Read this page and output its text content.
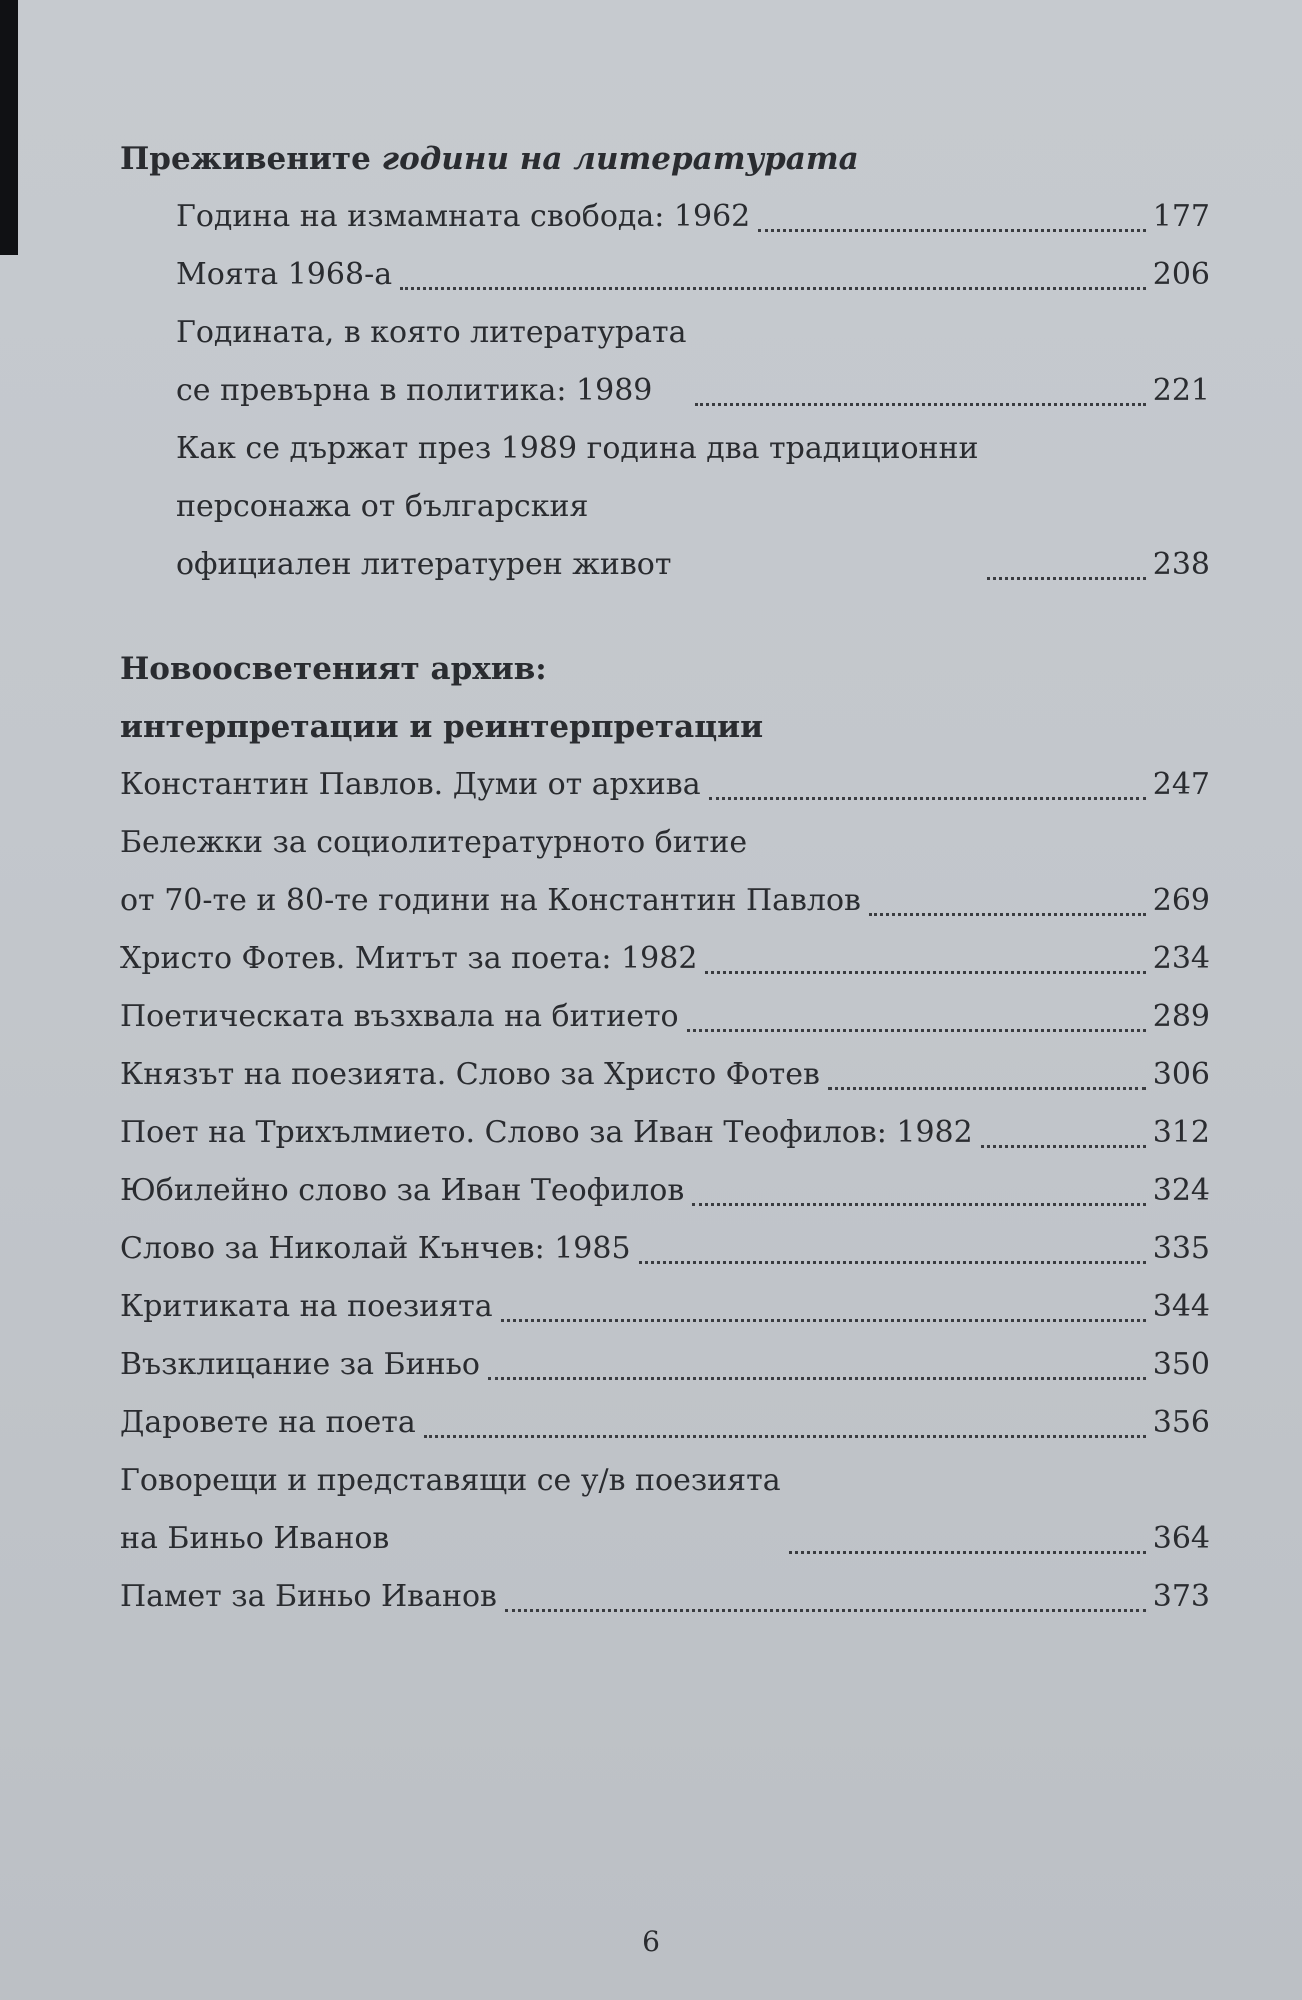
Преживените години на литературата
Година на измамната свобода: 1962	177
Моята 1968-а	206
Годината, в която литературата
се превърна в политика: 1989	221
Как се държат през 1989 година два традиционни
персонажа от българския
официален литературен живот	238
Новоосветеният архив:
интерпретации и реинтерпретации
Константин Павлов. Думи от архива	247
Бележки за социолитературното битие
от 70-те и 80-те години на Константин Павлов	269
Христо Фотев. Митът за поета: 1982	234
Поетическата възхвала на битието	289
Князът на поезията. Слово за Христо Фотев	306
Поет на Трихълмието. Слово за Иван Теофилов: 1982	312
Юбилейно слово за Иван Теофилов	324
Слово за Николай Кънчев: 1985	335
Критиката на поезията	344
Възклицание за Биньо	350
Даровете на поета	356
Говорещи и представящи се у/в поезията
на Биньо Иванов	364
Памет за Биньо Иванов	373
6
